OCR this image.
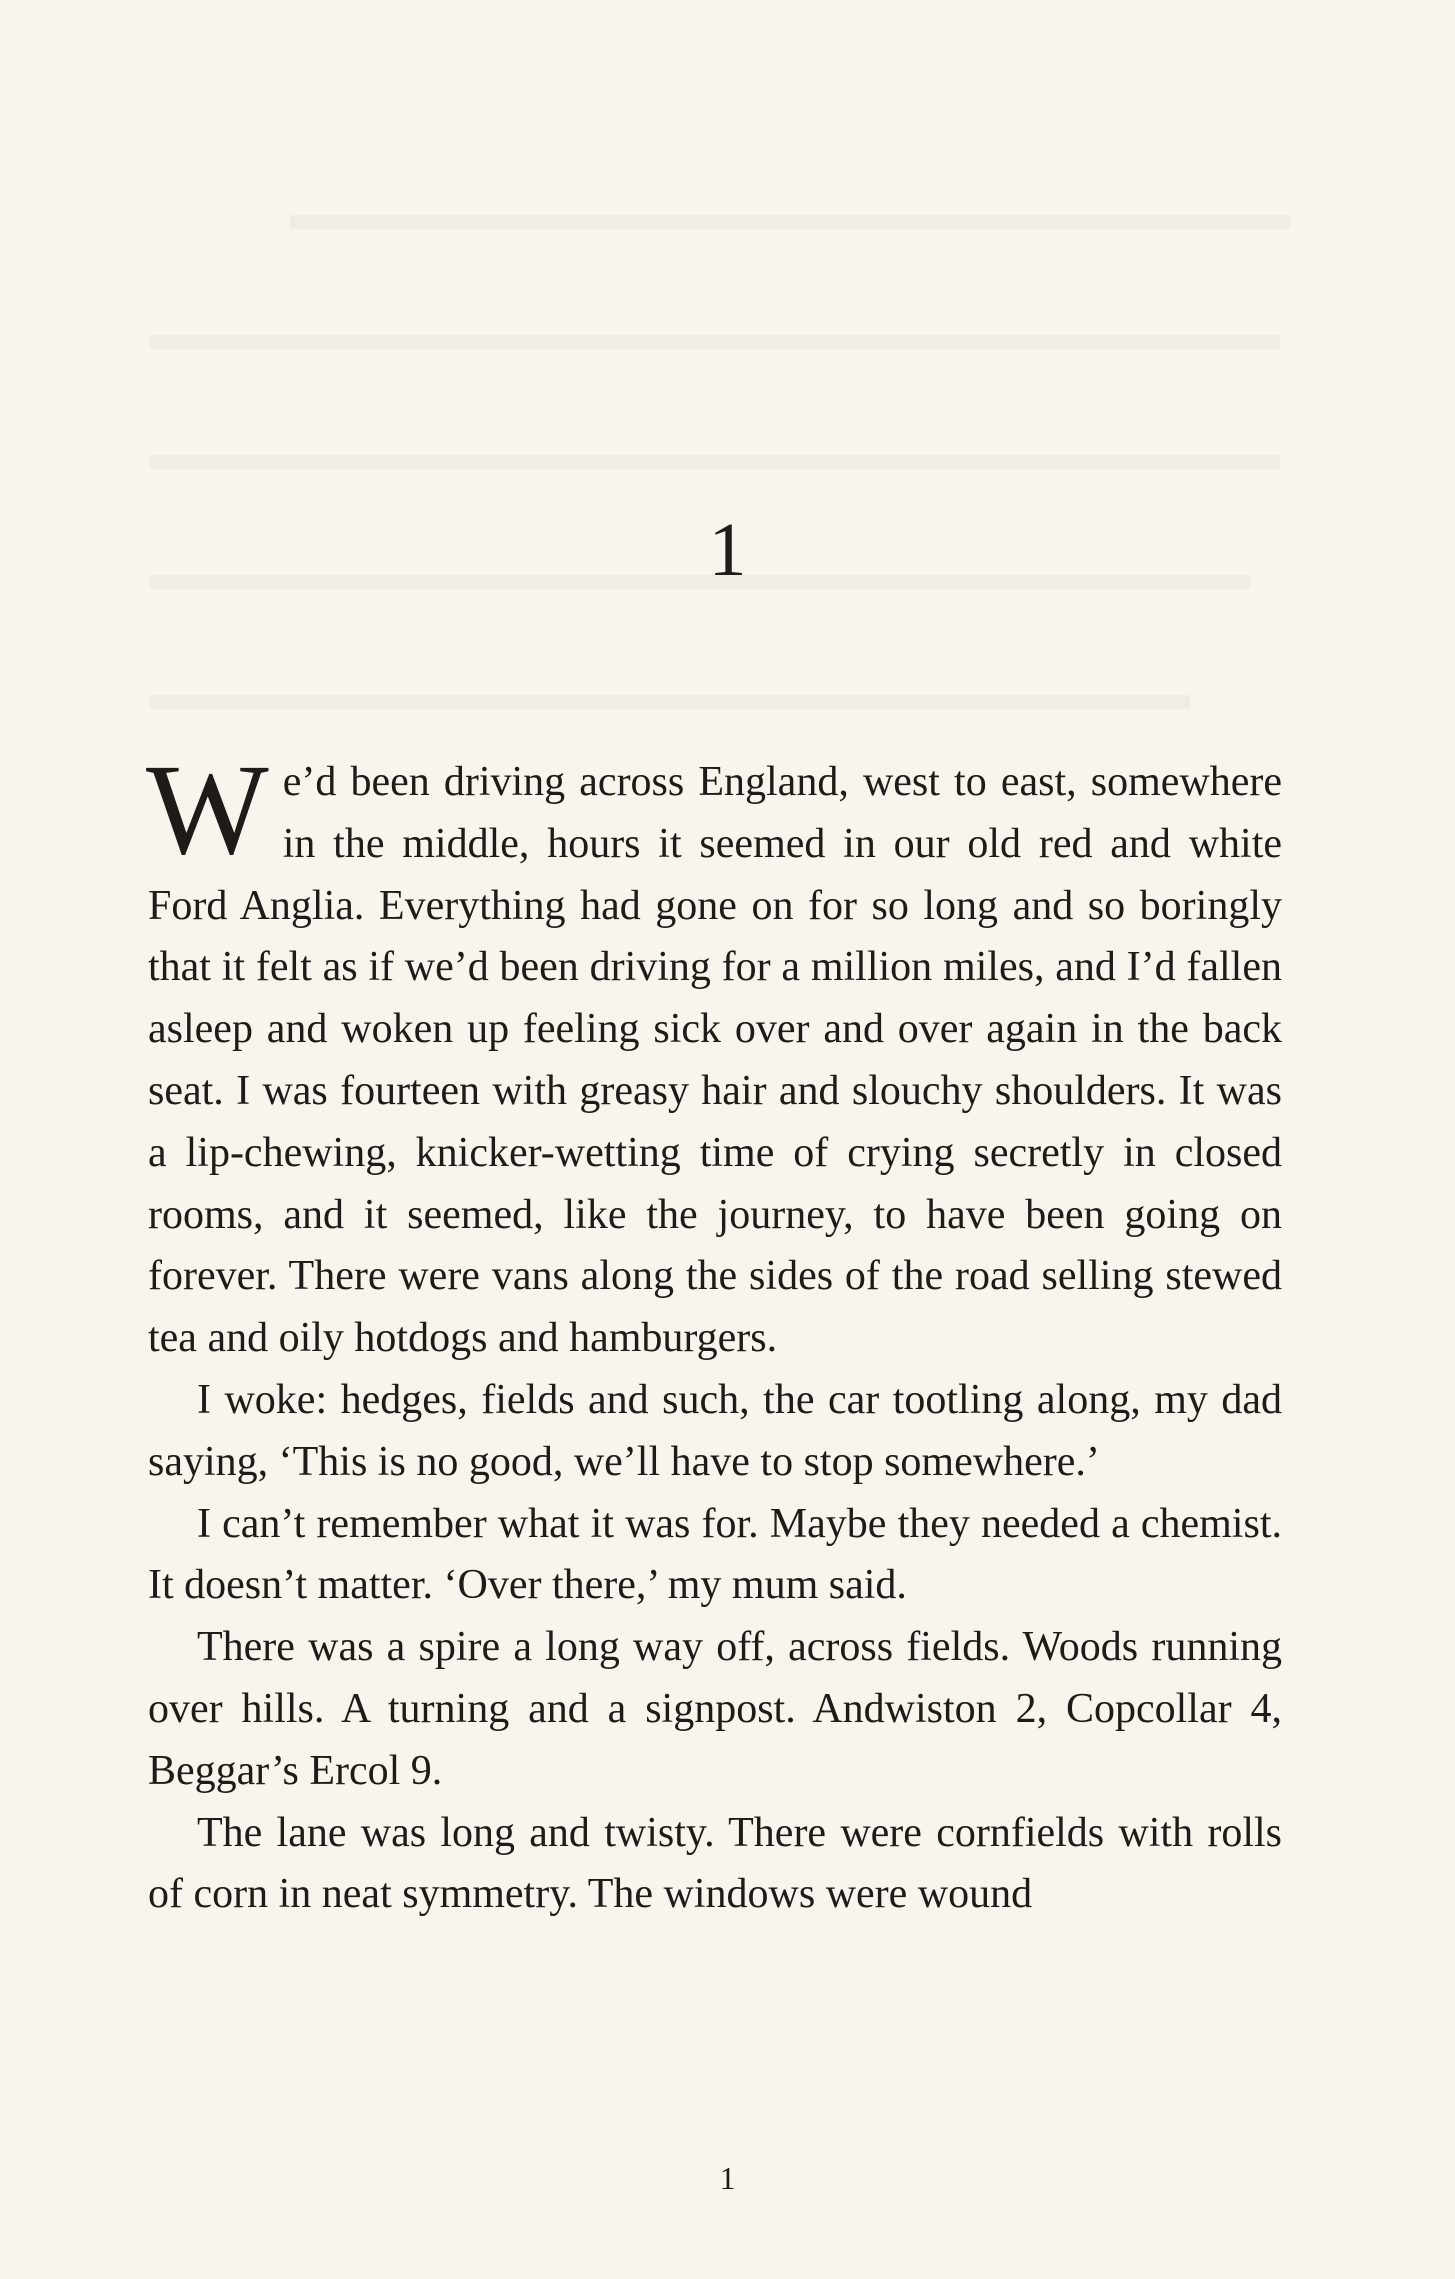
1

We’d been driving across England, west to east, somewhere in the middle, hours it seemed in our old red and white Ford Anglia. Everything had gone on for so long and so boringly that it felt as if we’d been driving for a million miles, and I’d fallen asleep and woken up feeling sick over and over again in the back seat. I was fourteen with greasy hair and slouchy shoulders. It was a lip-chewing, knicker-wetting time of crying secretly in closed rooms, and it seemed, like the journey, to have been going on forever. There were vans along the sides of the road selling stewed tea and oily hotdogs and hamburgers.

I woke: hedges, fields and such, the car tootling along, my dad saying, ‘This is no good, we’ll have to stop somewhere.’

I can’t remember what it was for. Maybe they needed a chemist. It doesn’t matter. ‘Over there,’ my mum said.

There was a spire a long way off, across fields. Woods running over hills. A turning and a signpost. Andwiston 2, Copcollar 4, Beggar’s Ercol 9.

The lane was long and twisty. There were cornfields with rolls of corn in neat symmetry. The windows were wound

1
